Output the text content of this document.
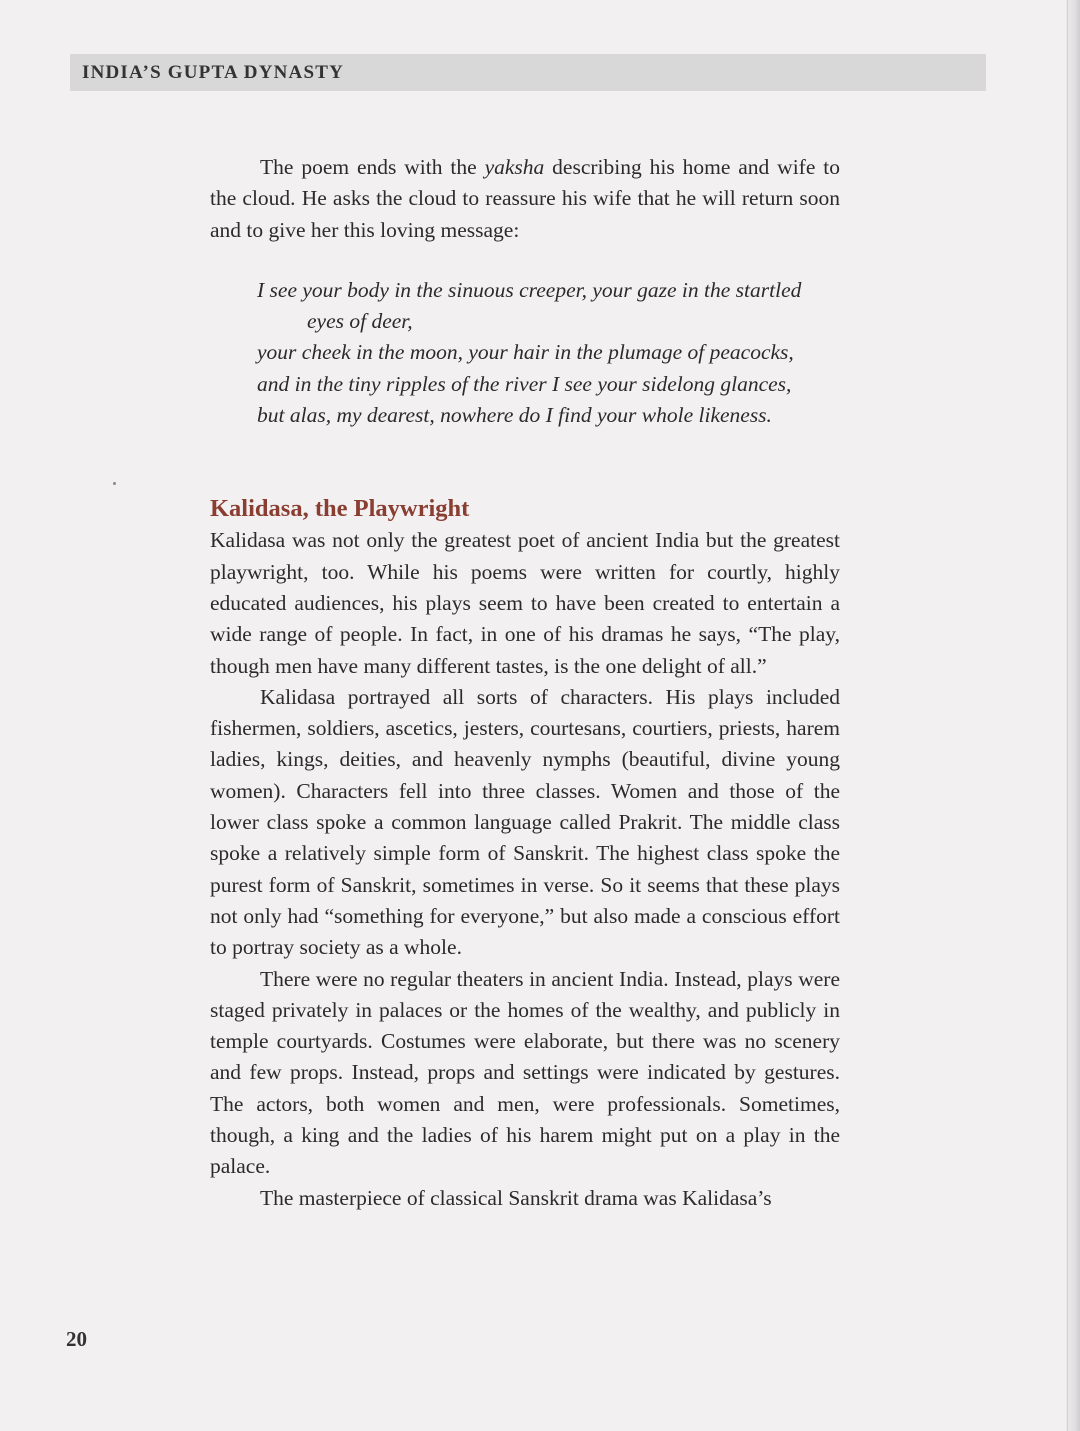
INDIA’S GUPTA DYNASTY

The poem ends with the yaksha describing his home and wife to the cloud. He asks the cloud to reassure his wife that he will return soon and to give her this loving message:

I see your body in the sinuous creeper, your gaze in the startled eyes of deer,
your cheek in the moon, your hair in the plumage of peacocks,
and in the tiny ripples of the river I see your sidelong glances,
but alas, my dearest, nowhere do I find your whole likeness.
Kalidasa, the Playwright

Kalidasa was not only the greatest poet of ancient India but the greatest playwright, too. While his poems were written for courtly, highly educated audiences, his plays seem to have been created to entertain a wide range of people. In fact, in one of his dramas he says, “The play, though men have many different tastes, is the one delight of all.”

Kalidasa portrayed all sorts of characters. His plays included fishermen, soldiers, ascetics, jesters, courtesans, courtiers, priests, harem ladies, kings, deities, and heavenly nymphs (beautiful, divine young women). Characters fell into three classes. Women and those of the lower class spoke a common language called Prakrit. The middle class spoke a relatively simple form of Sanskrit. The highest class spoke the purest form of Sanskrit, sometimes in verse. So it seems that these plays not only had “something for everyone,” but also made a conscious effort to portray society as a whole.

There were no regular theaters in ancient India. Instead, plays were staged privately in palaces or the homes of the wealthy, and publicly in temple courtyards. Costumes were elaborate, but there was no scenery and few props. Instead, props and settings were indicated by gestures. The actors, both women and men, were professionals. Sometimes, though, a king and the ladies of his harem might put on a play in the palace.

The masterpiece of classical Sanskrit drama was Kalidasa’s

20
